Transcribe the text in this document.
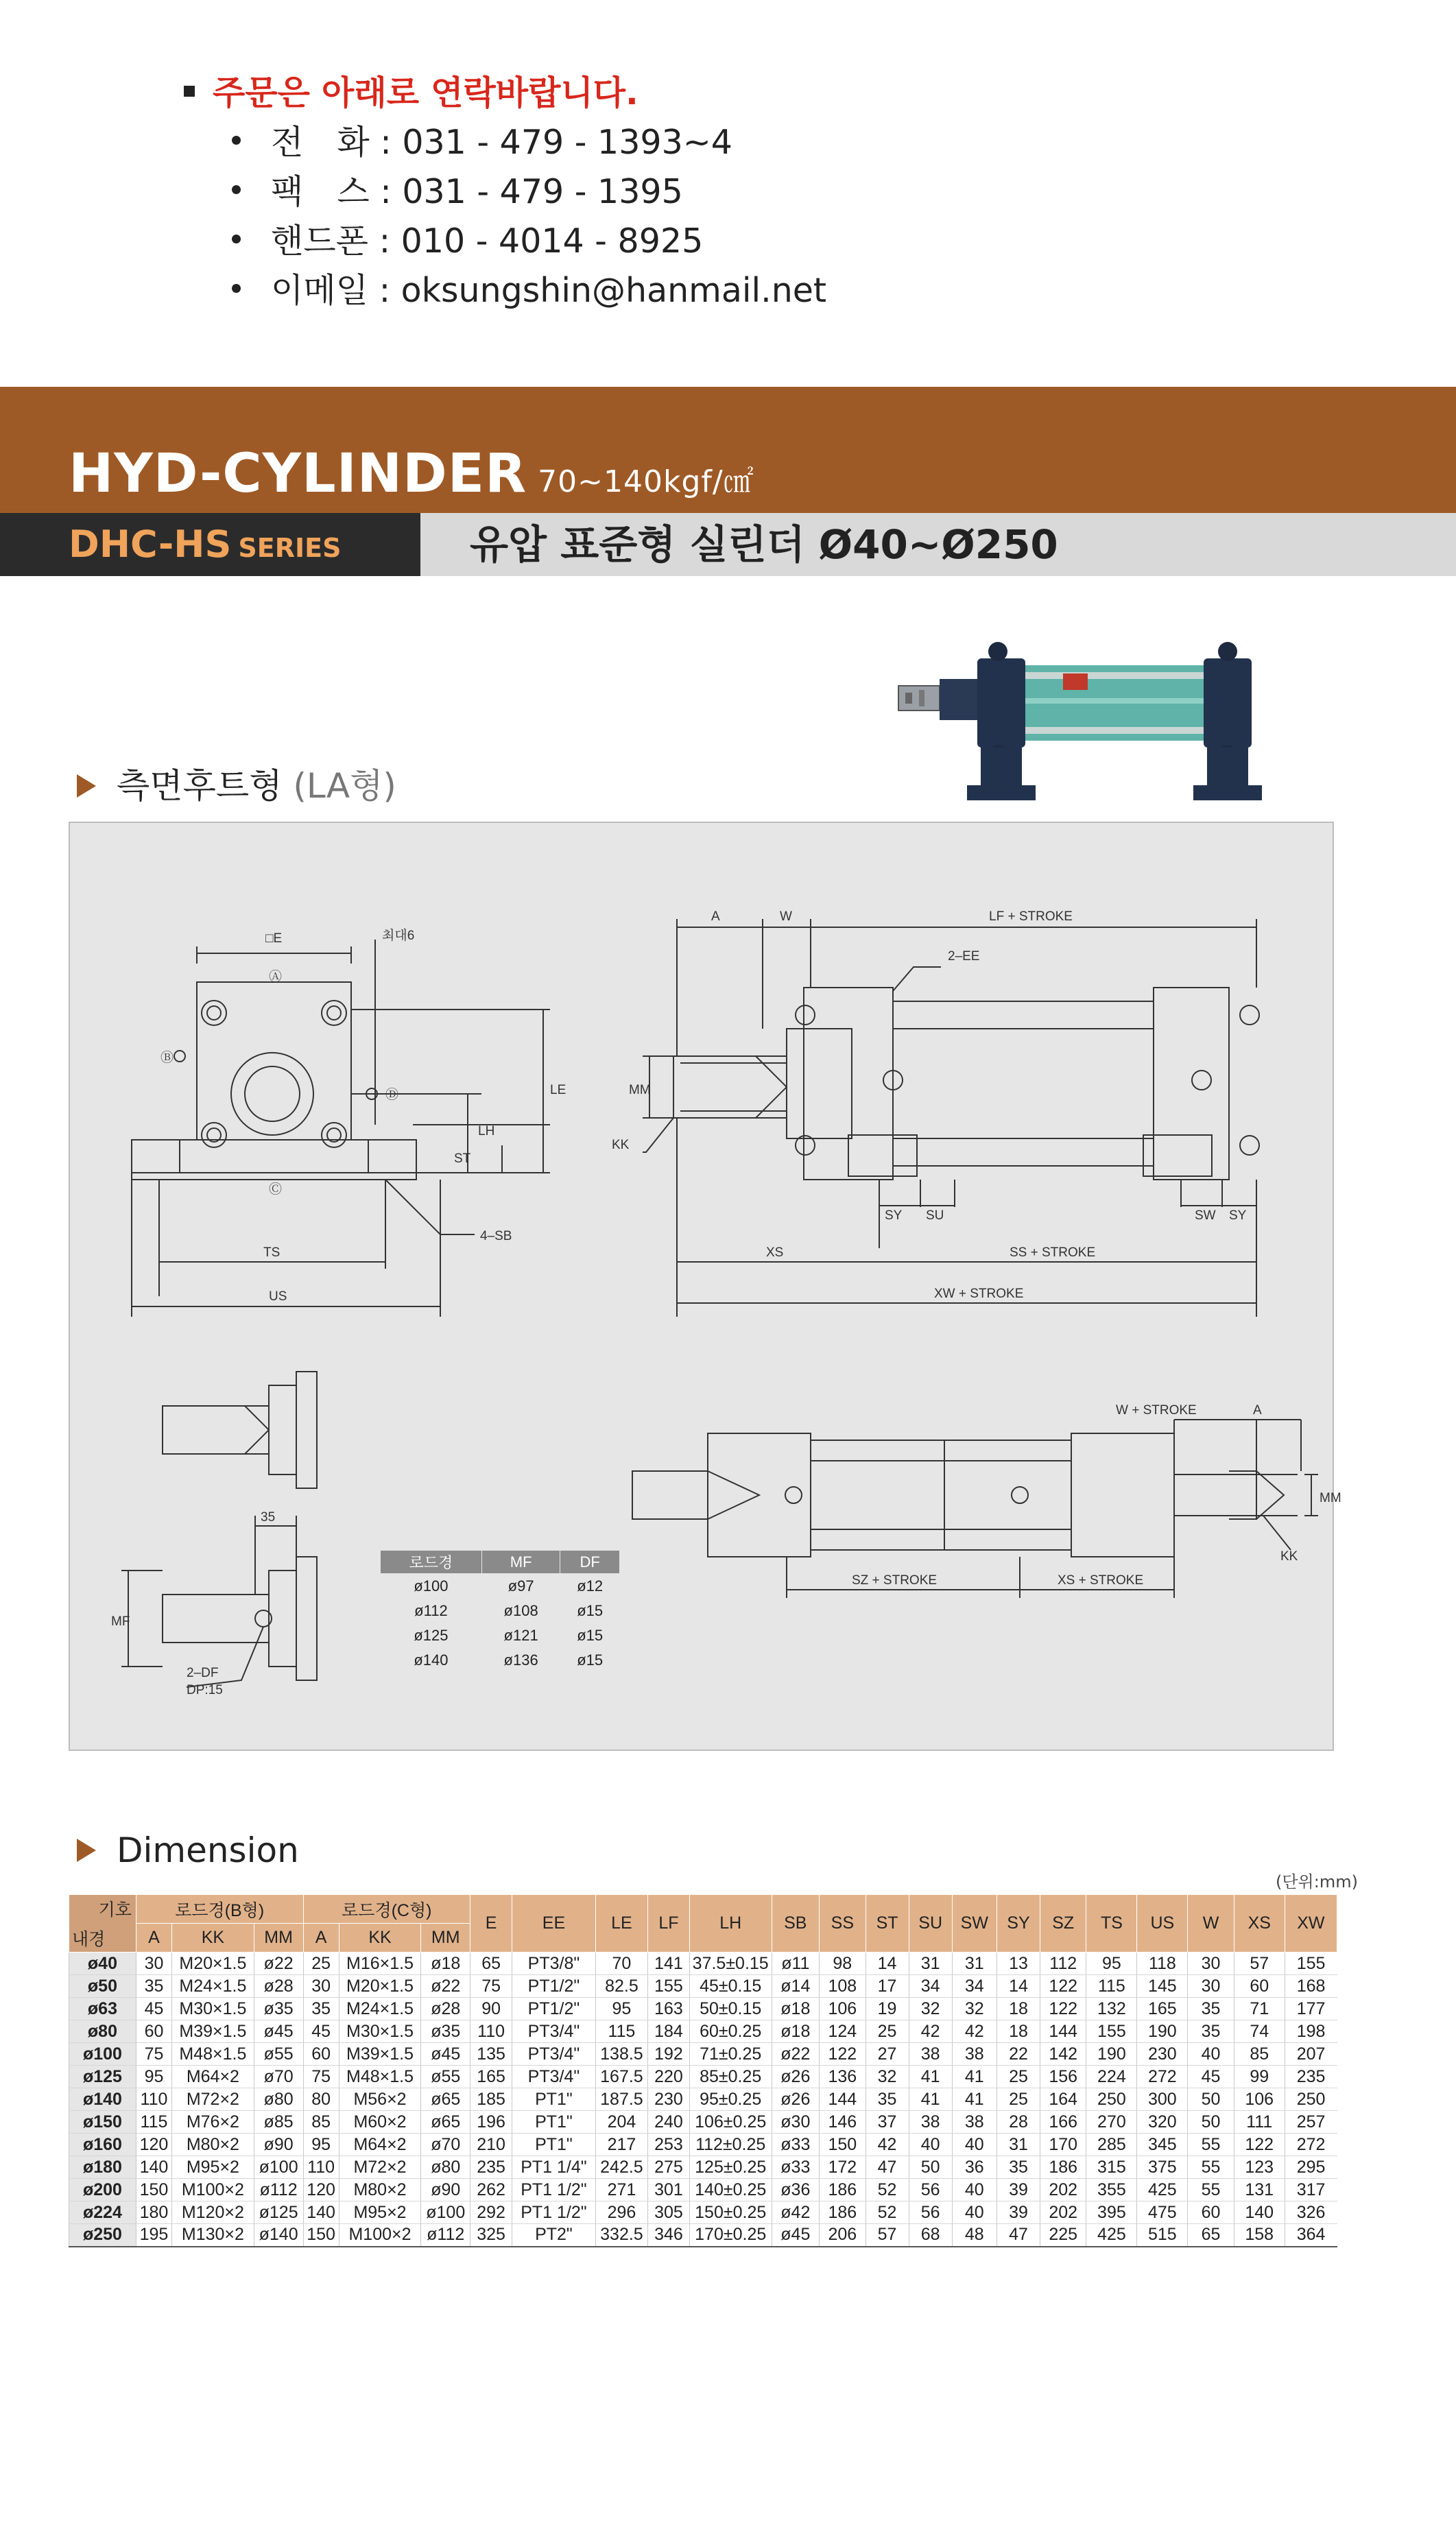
주문은 아래로 연락바랍니다.
전　화 : 031 - 479 - 1393~4
팩　스 : 031 - 479 - 1395
핸드폰 : 010 - 4014 - 8925
이메일 : oksungshin@hanmail.net
HYD-CYLINDER 70~140kgf/㎠
DHC-HS SERIES	유압 표준형 실린더 Ø40~Ø250
측면후트형 (LA형)
□E	최대6
Ⓐ
Ⓑ
Ⓒ
Ⓓ	LE
LH
ST
TS
4–SB
US
A	W	LF + STROKE
2–EE
MM
KK
SY SU	SW SY
XS	SS + STROKE
XW + STROKE
35
MF
2–DF
DP:15
W + STROKE	A
MM
KK
SZ + STROKE	XS + STROKE
로드경	MF	DF
ø100	ø97	ø12
ø112	ø108	ø15
ø125	ø121	ø15
ø140	ø136	ø15
Dimension
(단위:mm)
기호
내경	로드경(B형)			로드경(C형)			E	EE	LE	LF	LH	SB	SS	ST	SU	SW	SY	SZ	TS	US	W	XS	XW
	A	KK	MM	A	KK	MM																	
ø40	30	M20×1.5	ø22	25	M16×1.5	ø18	65	PT3/8"	70	141	37.5±0.15	ø11	98	14	31	31	13	112	95	118	30	57	155
ø50	35	M24×1.5	ø28	30	M20×1.5	ø22	75	PT1/2"	82.5	155	45±0.15	ø14	108	17	34	34	14	122	115	145	30	60	168
ø63	45	M30×1.5	ø35	35	M24×1.5	ø28	90	PT1/2"	95	163	50±0.15	ø18	106	19	32	32	18	122	132	165	35	71	177
ø80	60	M39×1.5	ø45	45	M30×1.5	ø35	110	PT3/4"	115	184	60±0.25	ø18	124	25	42	42	18	144	155	190	35	74	198
ø100	75	M48×1.5	ø55	60	M39×1.5	ø45	135	PT3/4"	138.5	192	71±0.25	ø22	122	27	38	38	22	142	190	230	40	85	207
ø125	95	M64×2	ø70	75	M48×1.5	ø55	165	PT3/4"	167.5	220	85±0.25	ø26	136	32	41	41	25	156	224	272	45	99	235
ø140	110	M72×2	ø80	80	M56×2	ø65	185	PT1"	187.5	230	95±0.25	ø26	144	35	41	41	25	164	250	300	50	106	250
ø150	115	M76×2	ø85	85	M60×2	ø65	196	PT1"	204	240	106±0.25	ø30	146	37	38	38	28	166	270	320	50	111	257
ø160	120	M80×2	ø90	95	M64×2	ø70	210	PT1"	217	253	112±0.25	ø33	150	42	40	40	31	170	285	345	55	122	272
ø180	140	M95×2	ø100	110	M72×2	ø80	235	PT1 1/4"	242.5	275	125±0.25	ø33	172	47	50	36	35	186	315	375	55	123	295
ø200	150	M100×2	ø112	120	M80×2	ø90	262	PT1 1/2"	271	301	140±0.25	ø36	186	52	56	40	39	202	355	425	55	131	317
ø224	180	M120×2	ø125	140	M95×2	ø100	292	PT1 1/2"	296	305	150±0.25	ø42	186	52	56	40	39	202	395	475	60	140	326
ø250	195	M130×2	ø140	150	M100×2	ø112	325	PT2"	332.5	346	170±0.25	ø45	206	57	68	48	47	225	425	515	65	158	364
